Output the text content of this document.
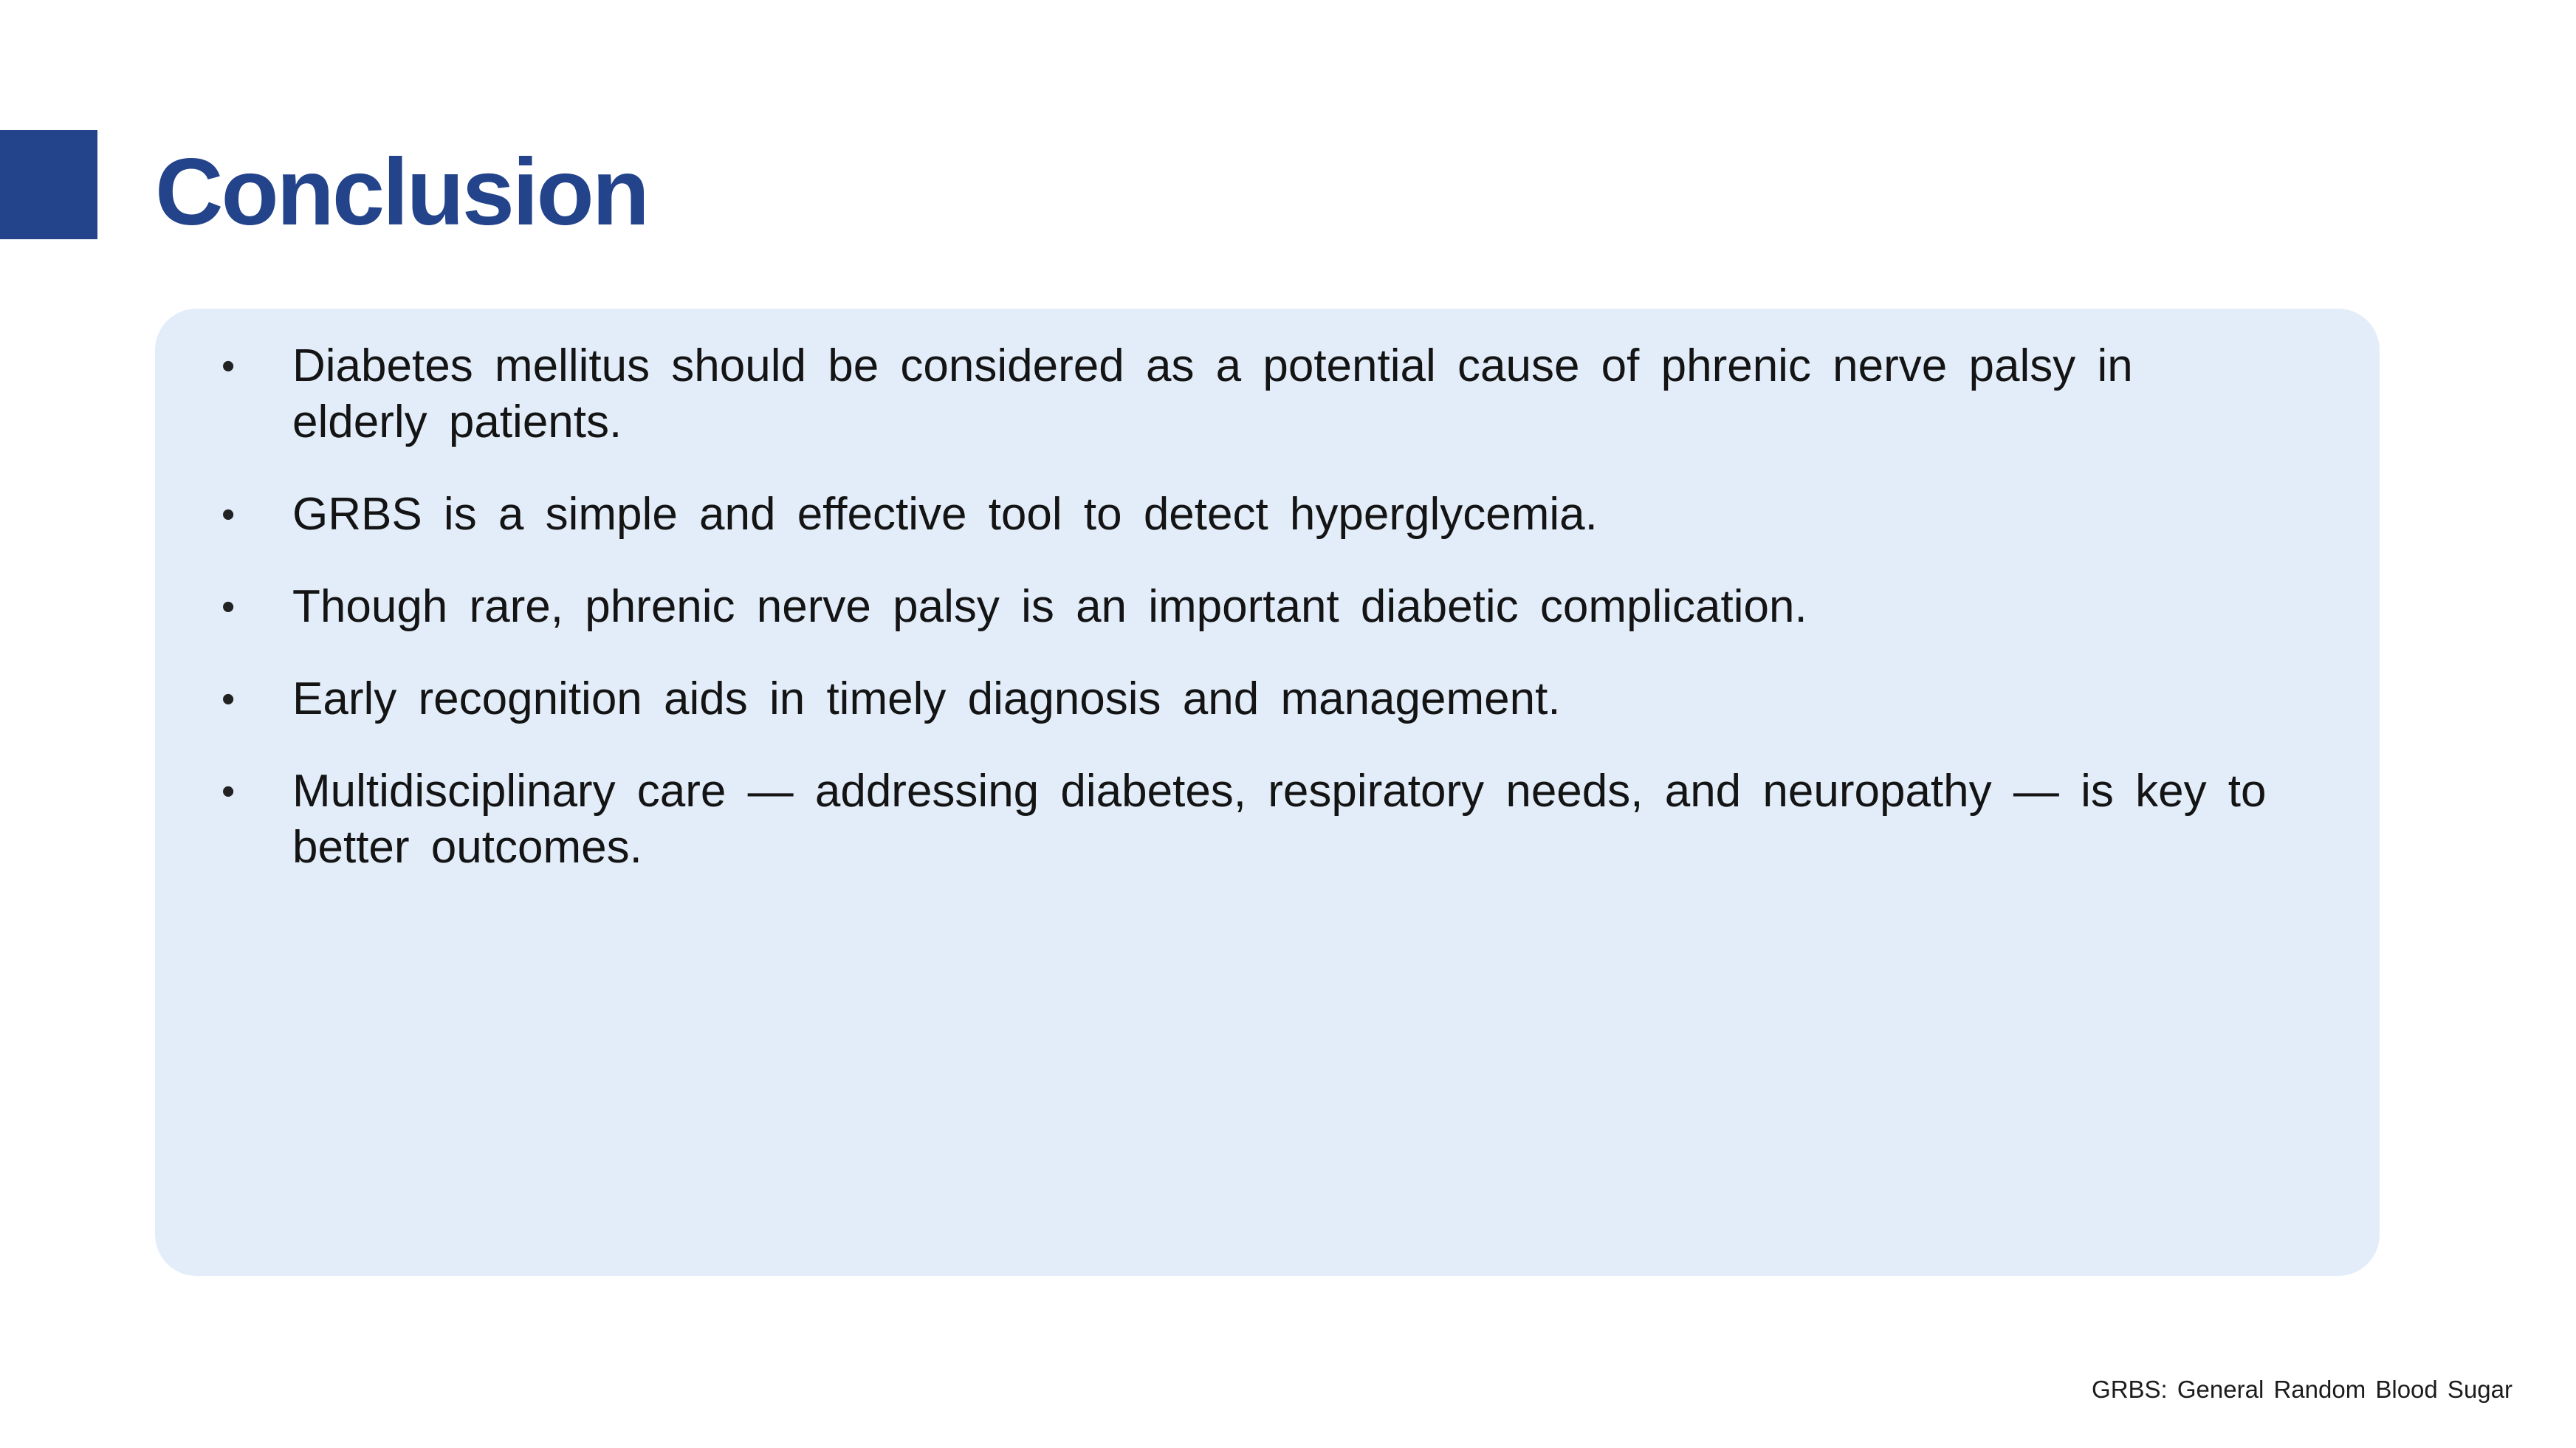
Conclusion
•	Diabetes mellitus should be considered as a potential cause of phrenic nerve palsy in elderly patients.
•	GRBS is a simple and effective tool to detect hyperglycemia.
•	Though rare, phrenic nerve palsy is an important diabetic complication.
•	Early recognition aids in timely diagnosis and management.
•	Multidisciplinary care — addressing diabetes, respiratory needs, and neuropathy — is key to better outcomes.
GRBS: General Random Blood Sugar
